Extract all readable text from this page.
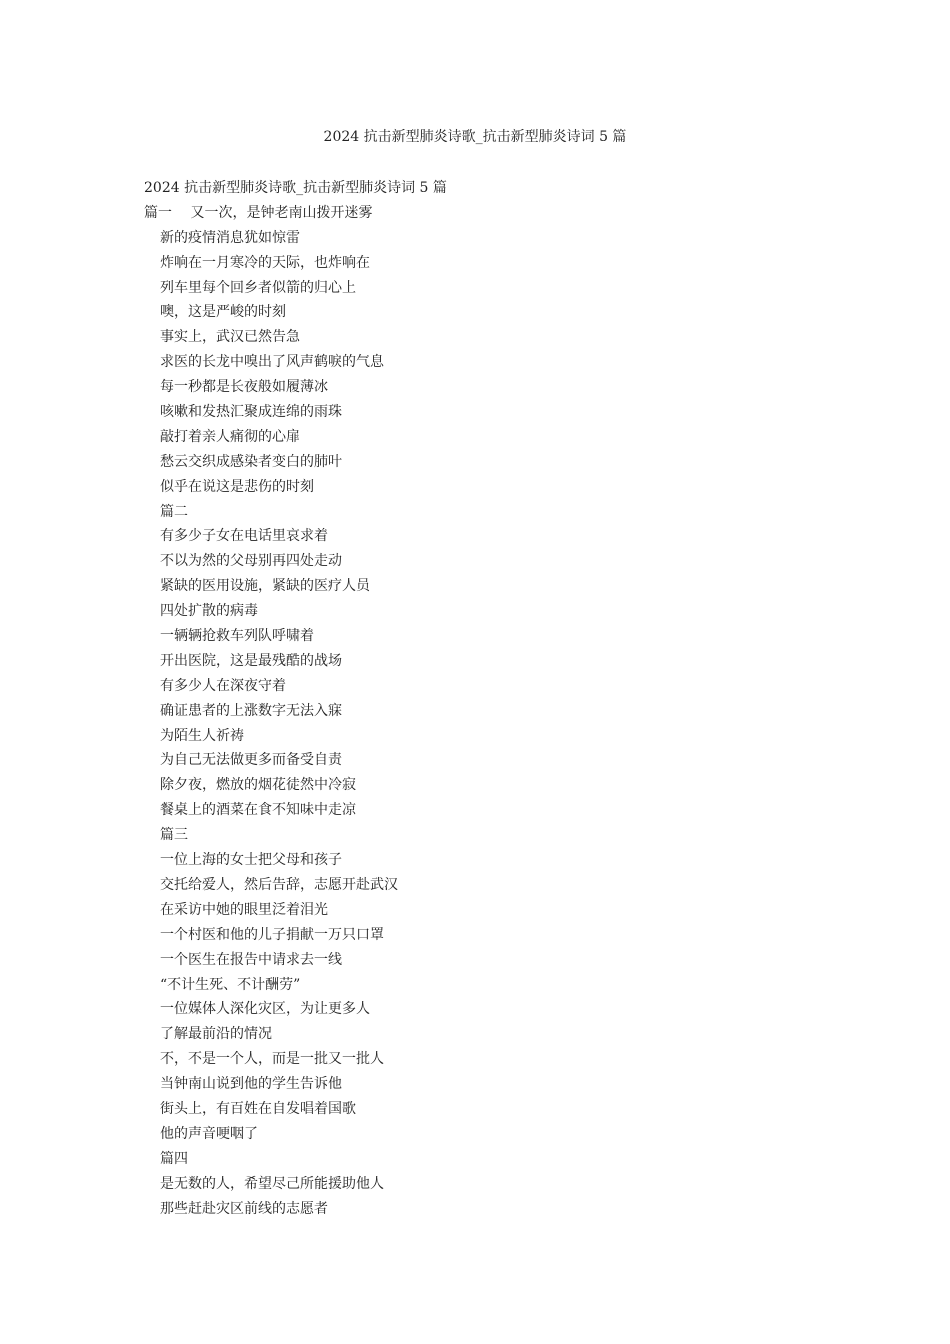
2024 抗击新型肺炎诗歌_抗击新型肺炎诗词 5 篇
2024 抗击新型肺炎诗歌_抗击新型肺炎诗词 5 篇
篇一　 又一次，是钟老南山拨开迷雾
新的疫情消息犹如惊雷
炸响在一月寒冷的天际，也炸响在
列车里每个回乡者似箭的归心上
噢，这是严峻的时刻
事实上，武汉已然告急
求医的长龙中嗅出了风声鹤唳的气息
每一秒都是长夜般如履薄冰
咳嗽和发热汇聚成连绵的雨珠
敲打着亲人痛彻的心扉
愁云交织成感染者变白的肺叶
似乎在说这是悲伤的时刻
篇二
有多少子女在电话里哀求着
不以为然的父母别再四处走动
紧缺的医用设施，紧缺的医疗人员
四处扩散的病毒
一辆辆抢救车列队呼啸着
开出医院，这是最残酷的战场
有多少人在深夜守着
确证患者的上涨数字无法入寐
为陌生人祈祷
为自己无法做更多而备受自责
除夕夜，燃放的烟花徒然中冷寂
餐桌上的酒菜在食不知味中走凉
篇三
一位上海的女士把父母和孩子
交托给爱人，然后告辞，志愿开赴武汉
在采访中她的眼里泛着泪光
一个村医和他的儿子捐献一万只口罩
一个医生在报告中请求去一线
“不计生死、不计酬劳”
一位媒体人深化灾区，为让更多人
了解最前沿的情况
不，不是一个人，而是一批又一批人
当钟南山说到他的学生告诉他
街头上，有百姓在自发唱着国歌
他的声音哽咽了
篇四
是无数的人，希望尽己所能援助他人
那些赶赴灾区前线的志愿者
